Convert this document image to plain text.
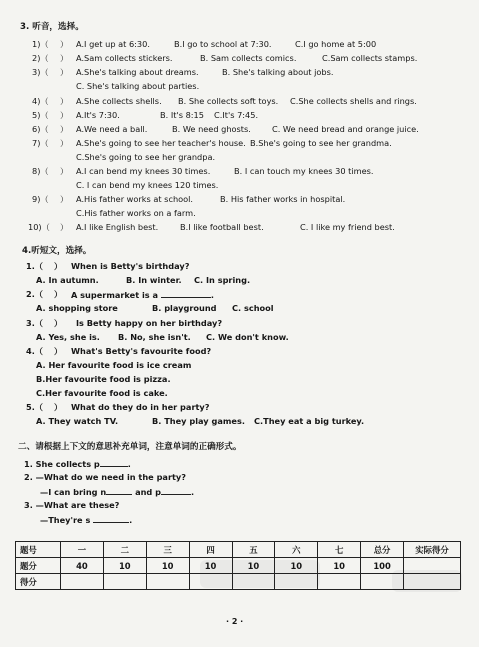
3. 听音，选择。
1)（ ） A.I get up at 6:30.	B.I go to school at 7:30.	C.I go home at 5:00
2)（ ） A.Sam collects stickers.	B. Sam collects comics.	C.Sam collects stamps.
3)（ ） A.She's talking about dreams.	B. She's talking about jobs.
C. She's talking about parties.
4)（ ） A.She collects shells. B. She collects soft toys. C.She collects shells and rings.
5)（ ） A.It's 7:30.	B. It's 8:15 C.It's 7:45.
6)（ ） A.We need a ball.	B. We need ghosts.	C. We need bread and orange juice.
7)（ ） A.She's going to see her teacher's house. B.She's going to see her grandma.
C.She's going to see her grandpa.
8)（ ） A.I can bend my knees 30 times.	B. I can touch my knees 30 times.
C. I can bend my knees 120 times.
9)（ ） A.His father works at school.	B. His father works in hospital.
C.His father works on a farm.
10)（ ） A.I like English best.	B.I like football best.	C. I like my friend best.
4.听短文，选择。
1.（ ） When is Betty's birthday?
A. In autumn.	B. In winter. C. In spring.
2.（ ） A supermarket is a	.
A. shopping store	B. playground C. school
3.（ ） Is Betty happy on her birthday?
A. Yes, she is. B. No, she isn't. C. We don't know.
4.（ ） What's Betty's favourite food?
A. Her favourite food is ice cream
B.Her favourite food is pizza.
C.Her favourite food is cake.
5.（ ） What do they do in her party?
A. They watch TV.	B. They play games. C.They eat a big turkey.
二、请根据上下文的意思补充单词，注意单词的正确形式。
1. She collects p	.
2. —What do we need in the party?
—I can bring n	and p	.
3. —What are these?
—They're s	.
题号	一	二	三	四	五	六	七	总分	实际得分
题分	40	10	10	10	10	10	10	100	
得分									
· 2 ·
